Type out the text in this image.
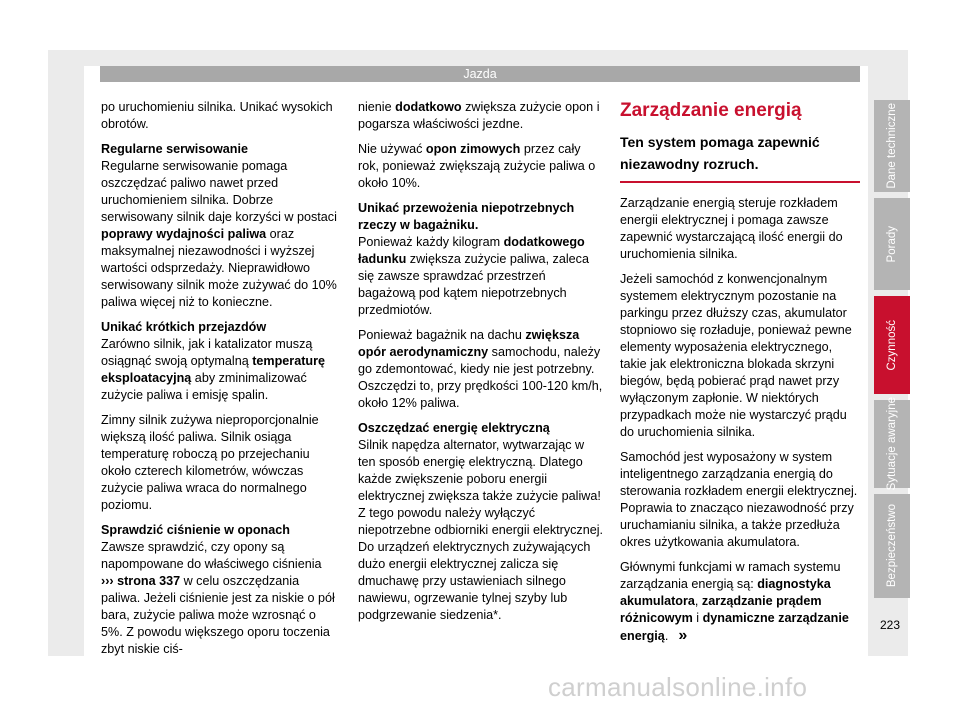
Jazda

po uruchomieniu silnika. Unikać wysokich obrotów.

Regularne serwisowanie

Regularne serwisowanie pomaga oszczędzać paliwo nawet przed uruchomieniem silnika. Dobrze serwisowany silnik daje korzyści w postaci poprawy wydajności paliwa oraz maksymalnej niezawodności i wyższej wartości odsprzedaży. Nieprawidłowo serwisowany silnik może zużywać do 10% paliwa więcej niż to konieczne.

Unikać krótkich przejazdów

Zarówno silnik, jak i katalizator muszą osiągnąć swoją optymalną temperaturę eksploatacyjną aby zminimalizować zużycie paliwa i emisję spalin.

Zimny silnik zużywa nieproporcjonalnie większą ilość paliwa. Silnik osiąga temperaturę roboczą po przejechaniu około czterech kilometrów, wówczas zużycie paliwa wraca do normalnego poziomu.

Sprawdzić ciśnienie w oponach

Zawsze sprawdzić, czy opony są napompowane do właściwego ciśnienia ››› strona 337 w celu oszczędzania paliwa. Jeżeli ciśnienie jest za niskie o pół bara, zużycie paliwa może wzrosnąć o 5%. Z powodu większego oporu toczenia zbyt niskie ciś-

nienie dodatkowo zwiększa zużycie opon i pogarsza właściwości jezdne.

Nie używać opon zimowych przez cały rok, ponieważ zwiększają zużycie paliwa o około 10%.

Unikać przewożenia niepotrzebnych rzeczy w bagażniku.

Ponieważ każdy kilogram dodatkowego ładunku zwiększa zużycie paliwa, zaleca się zawsze sprawdzać przestrzeń bagażową pod kątem niepotrzebnych przedmiotów.

Ponieważ bagażnik na dachu zwiększa opór aerodynamiczny samochodu, należy go zdemontować, kiedy nie jest potrzebny. Oszczędzi to, przy prędkości 100-120 km/h, około 12% paliwa.

Oszczędzać energię elektryczną

Silnik napędza alternator, wytwarzając w ten sposób energię elektryczną. Dlatego każde zwiększenie poboru energii elektrycznej zwiększa także zużycie paliwa! Z tego powodu należy wyłączyć niepotrzebne odbiorniki energii elektrycznej. Do urządzeń elektrycznych zużywających dużo energii elektrycznej zalicza się dmuchawę przy ustawieniach silnego nawiewu, ogrzewanie tylnej szyby lub podgrzewanie siedzenia*.

Zarządzanie energią
Ten system pomaga zapewnić niezawodny rozruch.

Zarządzanie energią steruje rozkładem energii elektrycznej i pomaga zawsze zapewnić wystarczającą ilość energii do uruchomienia silnika.

Jeżeli samochód z konwencjonalnym systemem elektrycznym pozostanie na parkingu przez dłuższy czas, akumulator stopniowo się rozładuje, ponieważ pewne elementy wyposażenia elektrycznego, takie jak elektroniczna blokada skrzyni biegów, będą pobierać prąd nawet przy wyłączonym zapłonie. W niektórych przypadkach może nie wystarczyć prądu do uruchomienia silnika.

Samochód jest wyposażony w system inteligentnego zarządzania energią do sterowania rozkładem energii elektrycznej. Poprawia to znacząco niezawodność przy uruchamianiu silnika, a także przedłuża okres użytkowania akumulatora.

Głównymi funkcjami w ramach systemu zarządzania energią są: diagnostyka akumulatora, zarządzanie prądem różnicowym i dynamiczne zarządzanie energią. »

Dane techniczne
Porady
Czynność
Sytuacje awaryjne
Bezpieczeństwo
223
carmanualsonline.info
